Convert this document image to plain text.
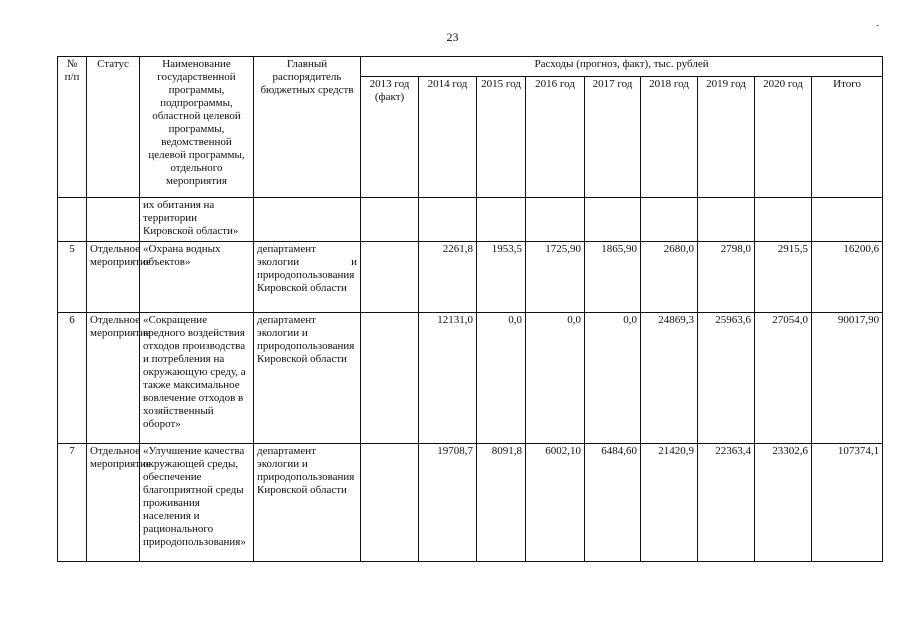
23
-
№ п/п	Статус	Наименование государственной программы, подпрограммы, областной целевой программы, ведомственной целевой программы, отдельного мероприятия	Главный распорядитель бюджетных средств	Расходы (прогноз, факт), тыс. рублей								
				2013 год (факт)	2014 год	2015 год	2016 год	2017 год	2018 год	2019 год	2020 год	Итого
		их обитания на территории Кировской области»										
5	Отдельное мероприятие	«Охрана водных объектов»	департамент экологии и природопользования Кировской области		2261,8	1953,5	1725,90	1865,90	2680,0	2798,0	2915,5	16200,6
6	Отдельное мероприятие	«Сокращение вредного воздействия отходов производства и потребления на окружающую среду, а также максимальное вовлечение отходов в хозяйственный оборот»	департамент экологии и природопользования Кировской области		12131,0	0,0	0,0	0,0	24869,3	25963,6	27054,0	90017,90
7	Отдельное мероприятие	«Улучшение качества окружающей среды, обеспечение благоприятной среды проживания населения и рационального природопользования»	департамент экологии и природопользования Кировской области		19708,7	8091,8	6002,10	6484,60	21420,9	22363,4	23302,6	107374,1
